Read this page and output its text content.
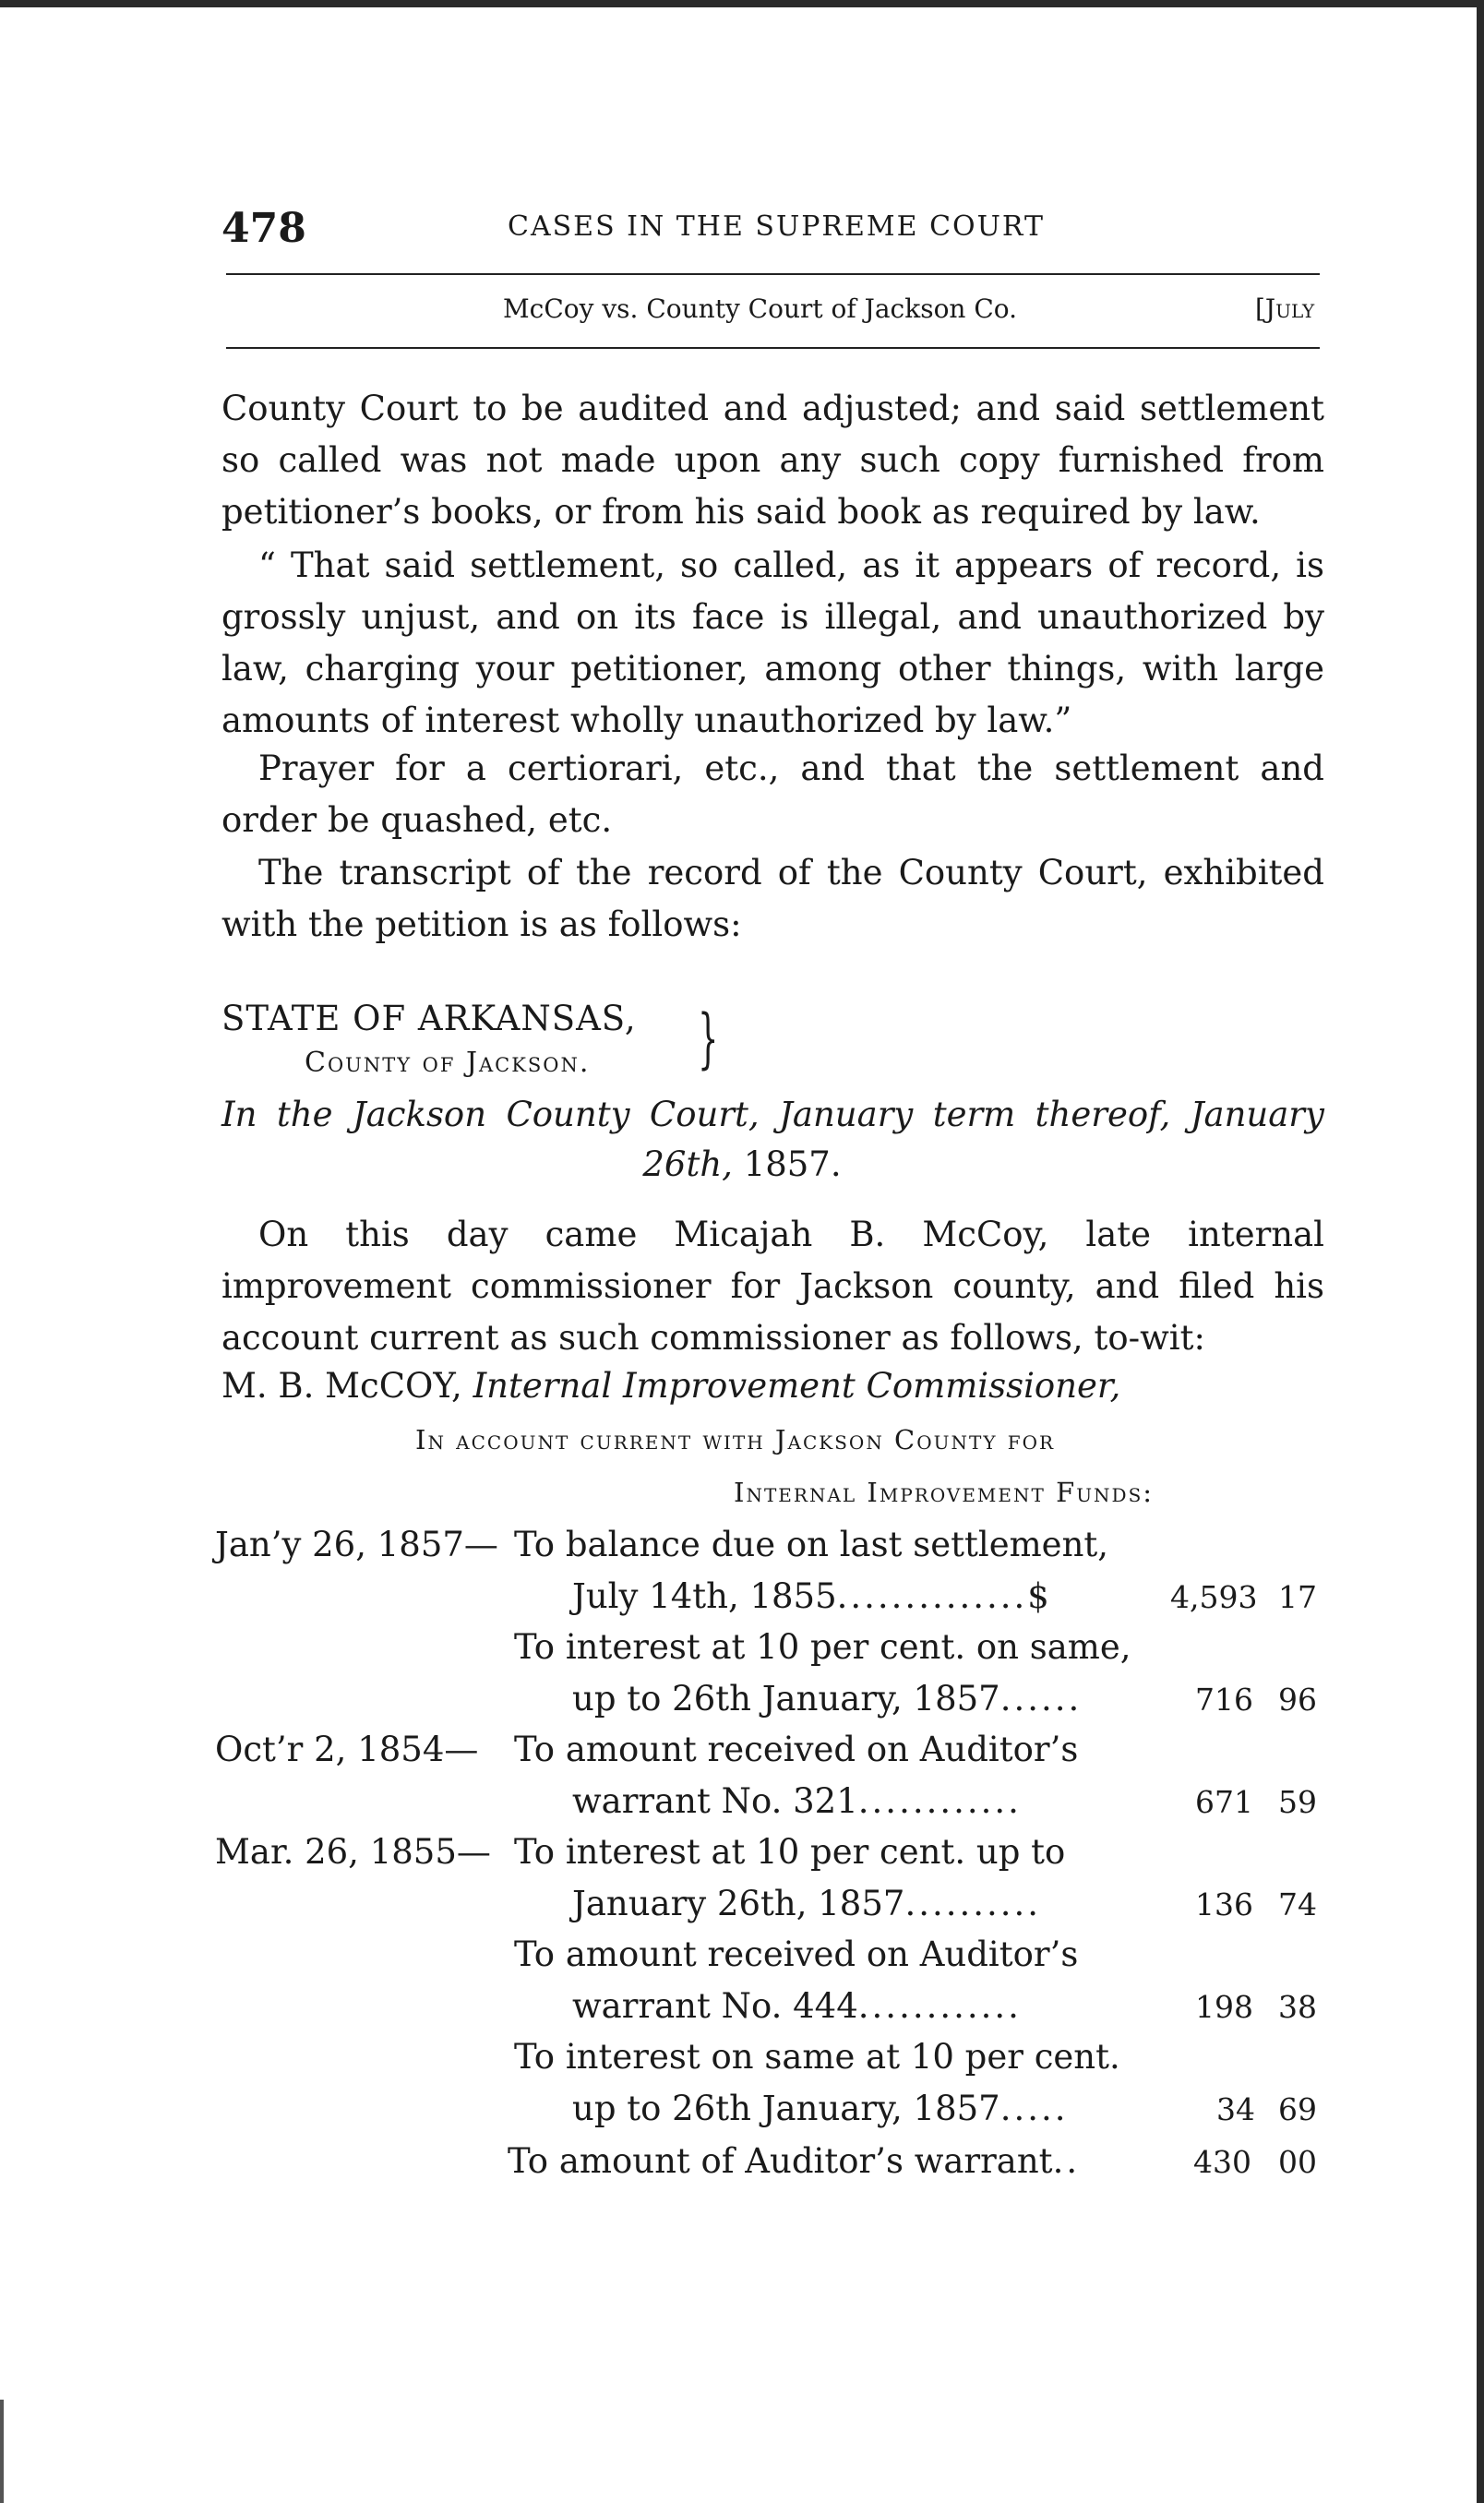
478	CASES IN THE SUPREME COURT
McCoy vs. County Court of Jackson Co.	[July
County Court to be audited and adjusted; and said settlement so called was not made upon any such copy furnished from petitioner’s books, or from his said book as required by law.
“ That said settlement, so called, as it appears of record, is grossly unjust, and on its face is illegal, and unauthorized by law, charging your petitioner, among other things, with large amounts of interest wholly unauthorized by law.”
Prayer for a certiorari, etc., and that the settlement and order be quashed, etc.
The transcript of the record of the County Court, exhibited with the petition is as follows:
STATE OF ARKANSAS, }
County of Jackson.
In the Jackson County Court, January term thereof, January
26th, 1857.
On this day came Micajah B. McCoy, late internal improvement commissioner for Jackson county, and filed his account current as such commissioner as follows, to-wit:
M. B. McCOY, Internal Improvement Commissioner,
In account current with Jackson County for
Internal Improvement Funds:
Jan’y 26, 1857— To balance due on last settlement,
July 14th, 1855..............$	4,593 17
To interest at 10 per cent. on same,
up to 26th January, 1857......	716 96
Oct’r 2, 1854— To amount received on Auditor’s
warrant No. 321............	671 59
Mar. 26, 1855— To interest at 10 per cent. up to
January 26th, 1857..........	136 74
To amount received on Auditor’s
warrant No. 444............	198 38
To interest on same at 10 per cent.
up to 26th January, 1857.....	34 69
To amount of Auditor’s warrant..	430 00
